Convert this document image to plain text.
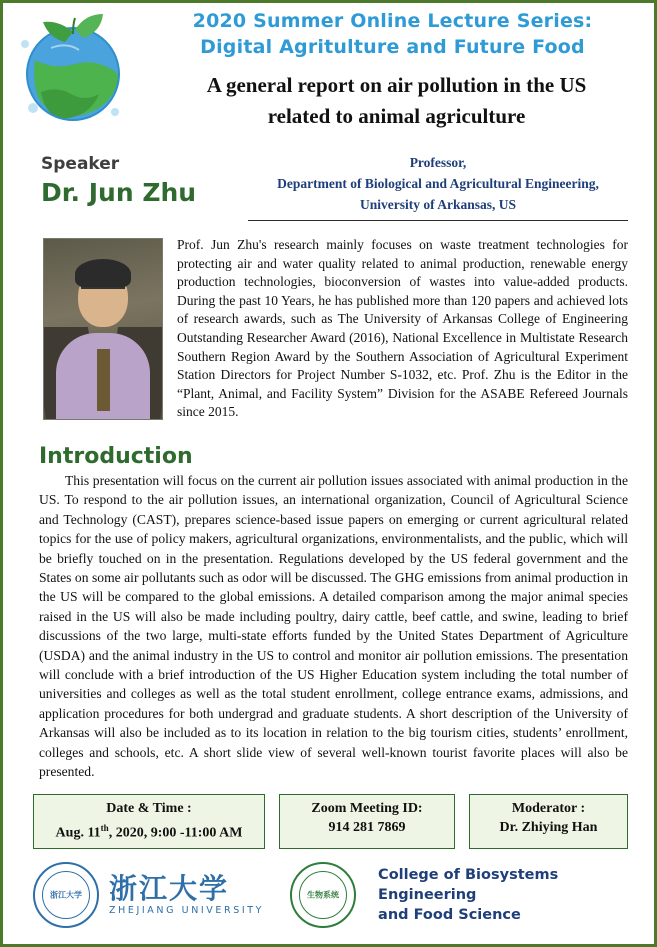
2020 Summer Online Lecture Series:
Digital Agritulture and Future Food
A general report on air pollution in the US
related to animal agriculture
Speaker
Dr. Jun Zhu
Professor,
Department of Biological and Agricultural Engineering,
University of Arkansas, US
Prof. Jun Zhu's research mainly focuses on waste treatment technologies for protecting air and water quality related to animal production, renewable energy production technologies, bioconversion of wastes into value-added products. During the past 10 Years, he has published more than 120 papers and achieved lots of research awards, such as The University of Arkansas College of Engineering Outstanding Researcher Award (2016), National Excellence in Multistate Research Southern Region Award by the Southern Association of Agricultural Experiment Station Directors for Project Number S-1032, etc. Prof. Zhu is the Editor in the “Plant, Animal, and Facility System” Division for the ASABE Refereed Journals since 2015.
Introduction
This presentation will focus on the current air pollution issues associated with animal production in the US. To respond to the air pollution issues, an international organization, Council of Agricultural Science and Technology (CAST), prepares science-based issue papers on emerging or current agricultural related topics for the use of policy makers, agricultural organizations, environmentalists, and the public, which will be briefly touched on in the presentation. Regulations developed by the US federal government and the States on some air pollutants such as odor will be discussed. The GHG emissions from animal production in the US will be compared to the global emissions. A detailed comparison among the major animal species raised in the US will also be made including poultry, dairy cattle, beef cattle, and swine, leading to brief discussions of the two large, multi-state efforts funded by the United States Department of Agriculture (USDA) and the animal industry in the US to control and monitor air pollution emissions. The presentation will conclude with a brief introduction of the US Higher Education system including the total number of universities and colleges as well as the total student enrollment, college entrance exams, admissions, and application procedures for both undergrad and graduate students. A short description of the University of Arkansas will also be included as to its location in relation to the big tourism cities, students’ enrollment, colleges and schools, etc. A short slide view of several well-known tourist favorite places will also be presented.
Date & Time :
Aug. 11th, 2020, 9:00 -11:00 AM
Zoom Meeting ID:
914 281 7869
Moderator :
Dr. Zhiying Han
浙江大学 浙江大学
ZHEJIANG UNIVERSITY
生物系统
College of Biosystems Engineering
and Food Science
